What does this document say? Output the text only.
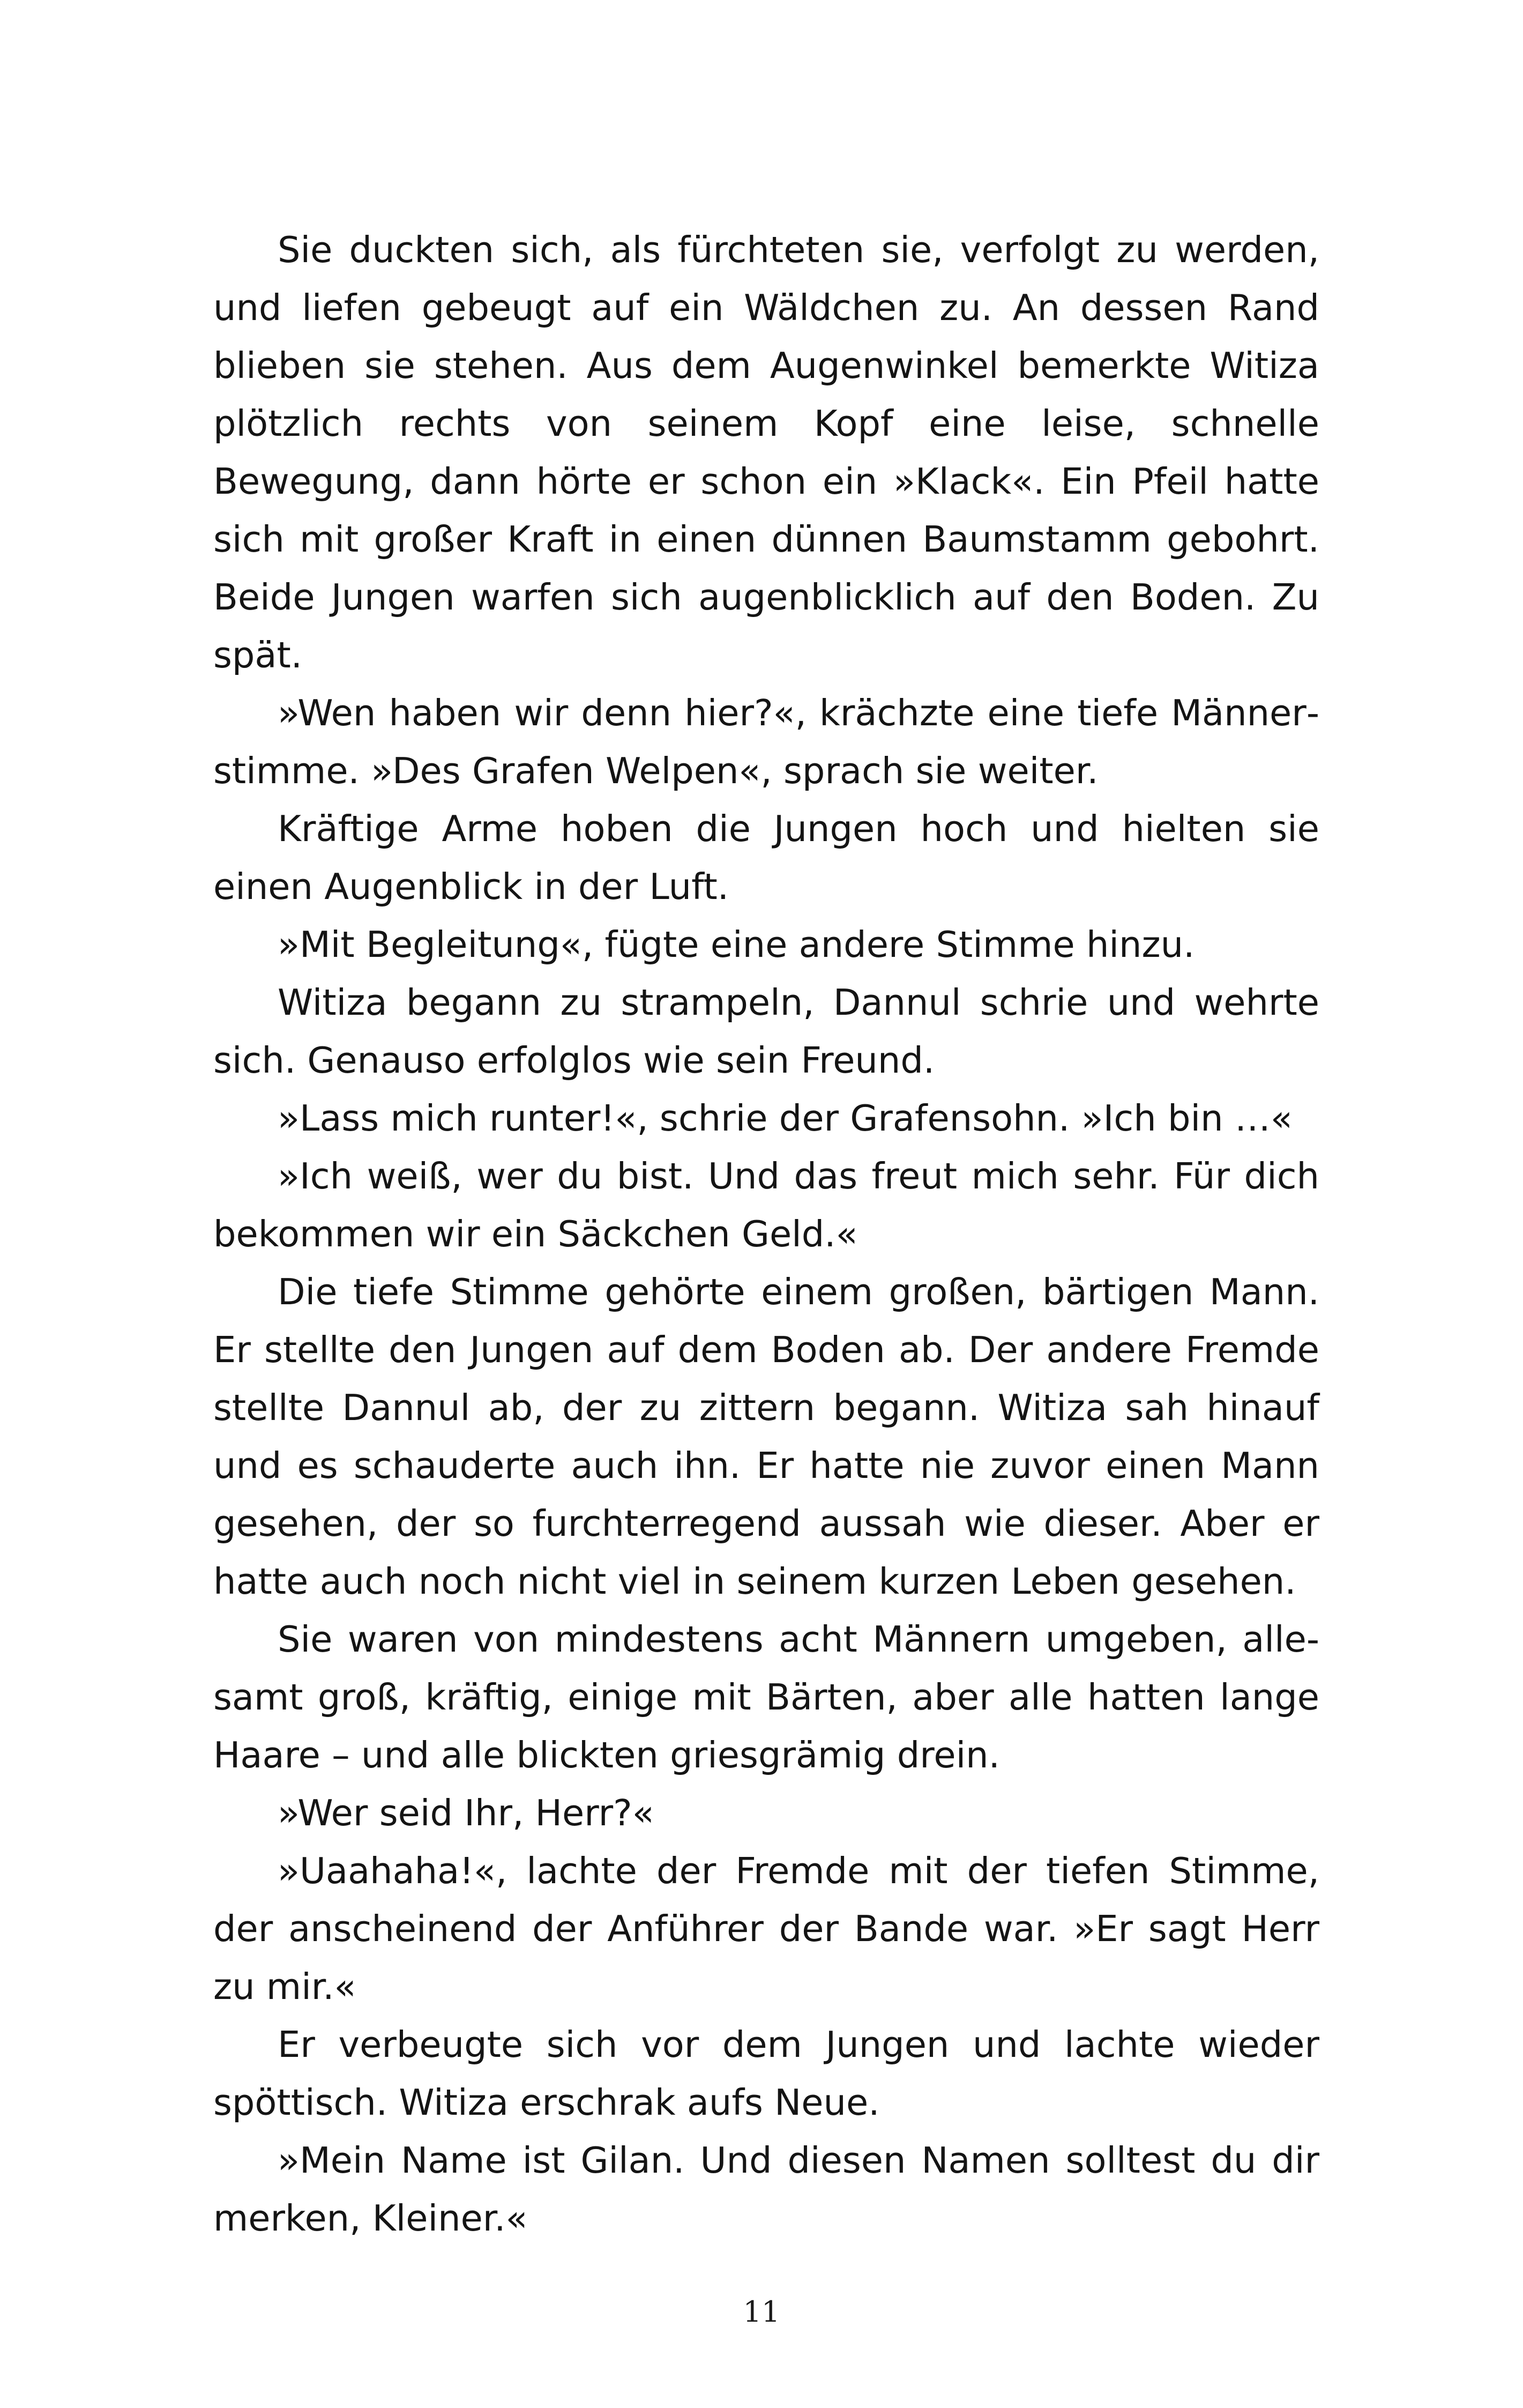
Sie duckten sich, als fürchteten sie, verfolgt zu werden, und liefen gebeugt auf ein Wäldchen zu. An dessen Rand blieben sie stehen. Aus dem Augenwinkel bemerkte Witiza plötzlich rechts von seinem Kopf eine leise, schnelle Bewegung, dann hörte er schon ein »Klack«. Ein Pfeil hatte sich mit großer Kraft in einen dünnen Baumstamm gebohrt. Beide Jungen warfen sich augenblicklich auf den Boden. Zu spät.

»Wen haben wir denn hier?«, krächzte eine tiefe Männerstimme. »Des Grafen Welpen«, sprach sie weiter.

Kräftige Arme hoben die Jungen hoch und hielten sie einen Augenblick in der Luft.

»Mit Begleitung«, fügte eine andere Stimme hinzu.

Witiza begann zu strampeln, Dannul schrie und wehrte sich. Genauso erfolglos wie sein Freund.

»Lass mich runter!«, schrie der Grafensohn. »Ich bin …«

»Ich weiß, wer du bist. Und das freut mich sehr. Für dich bekommen wir ein Säckchen Geld.«

Die tiefe Stimme gehörte einem großen, bärtigen Mann. Er stellte den Jungen auf dem Boden ab. Der andere Fremde stellte Dannul ab, der zu zittern begann. Witiza sah hinauf und es schauderte auch ihn. Er hatte nie zuvor einen Mann gesehen, der so furchterregend aussah wie dieser. Aber er hatte auch noch nicht viel in seinem kurzen Leben gesehen.

Sie waren von mindestens acht Männern umgeben, allesamt groß, kräftig, einige mit Bärten, aber alle hatten lange Haare – und alle blickten griesgrämig drein.

»Wer seid Ihr, Herr?«

»Uaahaha!«, lachte der Fremde mit der tiefen Stimme, der anscheinend der Anführer der Bande war. »Er sagt Herr zu mir.«

Er verbeugte sich vor dem Jungen und lachte wieder spöttisch. Witiza erschrak aufs Neue.

»Mein Name ist Gilan. Und diesen Namen solltest du dir merken, Kleiner.«

11
